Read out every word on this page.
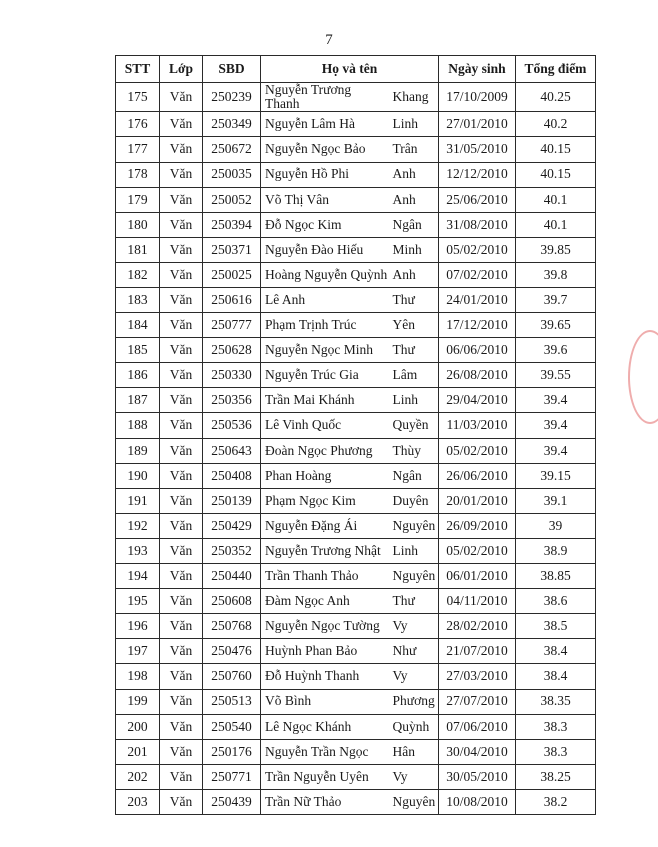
7
STT	Lớp	SBD	Họ và tên		Ngày sinh	Tổng điểm
175	Văn	250239	Nguyễn Trương Thanh	Khang	17/10/2009	40.25
176	Văn	250349	Nguyễn Lâm Hà	Linh	27/01/2010	40.2
177	Văn	250672	Nguyễn Ngọc Bảo	Trân	31/05/2010	40.15
178	Văn	250035	Nguyễn Hồ Phi	Anh	12/12/2010	40.15
179	Văn	250052	Võ Thị Vân	Anh	25/06/2010	40.1
180	Văn	250394	Đỗ Ngọc Kim	Ngân	31/08/2010	40.1
181	Văn	250371	Nguyễn Đào Hiếu	Minh	05/02/2010	39.85
182	Văn	250025	Hoàng Nguyễn Quỳnh	Anh	07/02/2010	39.8
183	Văn	250616	Lê Anh	Thư	24/01/2010	39.7
184	Văn	250777	Phạm Trịnh Trúc	Yên	17/12/2010	39.65
185	Văn	250628	Nguyễn Ngọc Minh	Thư	06/06/2010	39.6
186	Văn	250330	Nguyễn Trúc Gia	Lâm	26/08/2010	39.55
187	Văn	250356	Trần Mai Khánh	Linh	29/04/2010	39.4
188	Văn	250536	Lê Vinh Quốc	Quyền	11/03/2010	39.4
189	Văn	250643	Đoàn Ngọc Phương	Thùy	05/02/2010	39.4
190	Văn	250408	Phan Hoàng	Ngân	26/06/2010	39.15
191	Văn	250139	Phạm Ngọc Kim	Duyên	20/01/2010	39.1
192	Văn	250429	Nguyễn Đặng Ái	Nguyên	26/09/2010	39
193	Văn	250352	Nguyễn Trương Nhật	Linh	05/02/2010	38.9
194	Văn	250440	Trần Thanh Thảo	Nguyên	06/01/2010	38.85
195	Văn	250608	Đàm Ngọc Anh	Thư	04/11/2010	38.6
196	Văn	250768	Nguyễn Ngọc Tường	Vy	28/02/2010	38.5
197	Văn	250476	Huỳnh Phan Bảo	Như	21/07/2010	38.4
198	Văn	250760	Đỗ Huỳnh Thanh	Vy	27/03/2010	38.4
199	Văn	250513	Võ Bình	Phương	27/07/2010	38.35
200	Văn	250540	Lê Ngọc Khánh	Quỳnh	07/06/2010	38.3
201	Văn	250176	Nguyễn Trần Ngọc	Hân	30/04/2010	38.3
202	Văn	250771	Trần Nguyễn Uyên	Vy	30/05/2010	38.25
203	Văn	250439	Trần Nữ Thảo	Nguyên	10/08/2010	38.2
